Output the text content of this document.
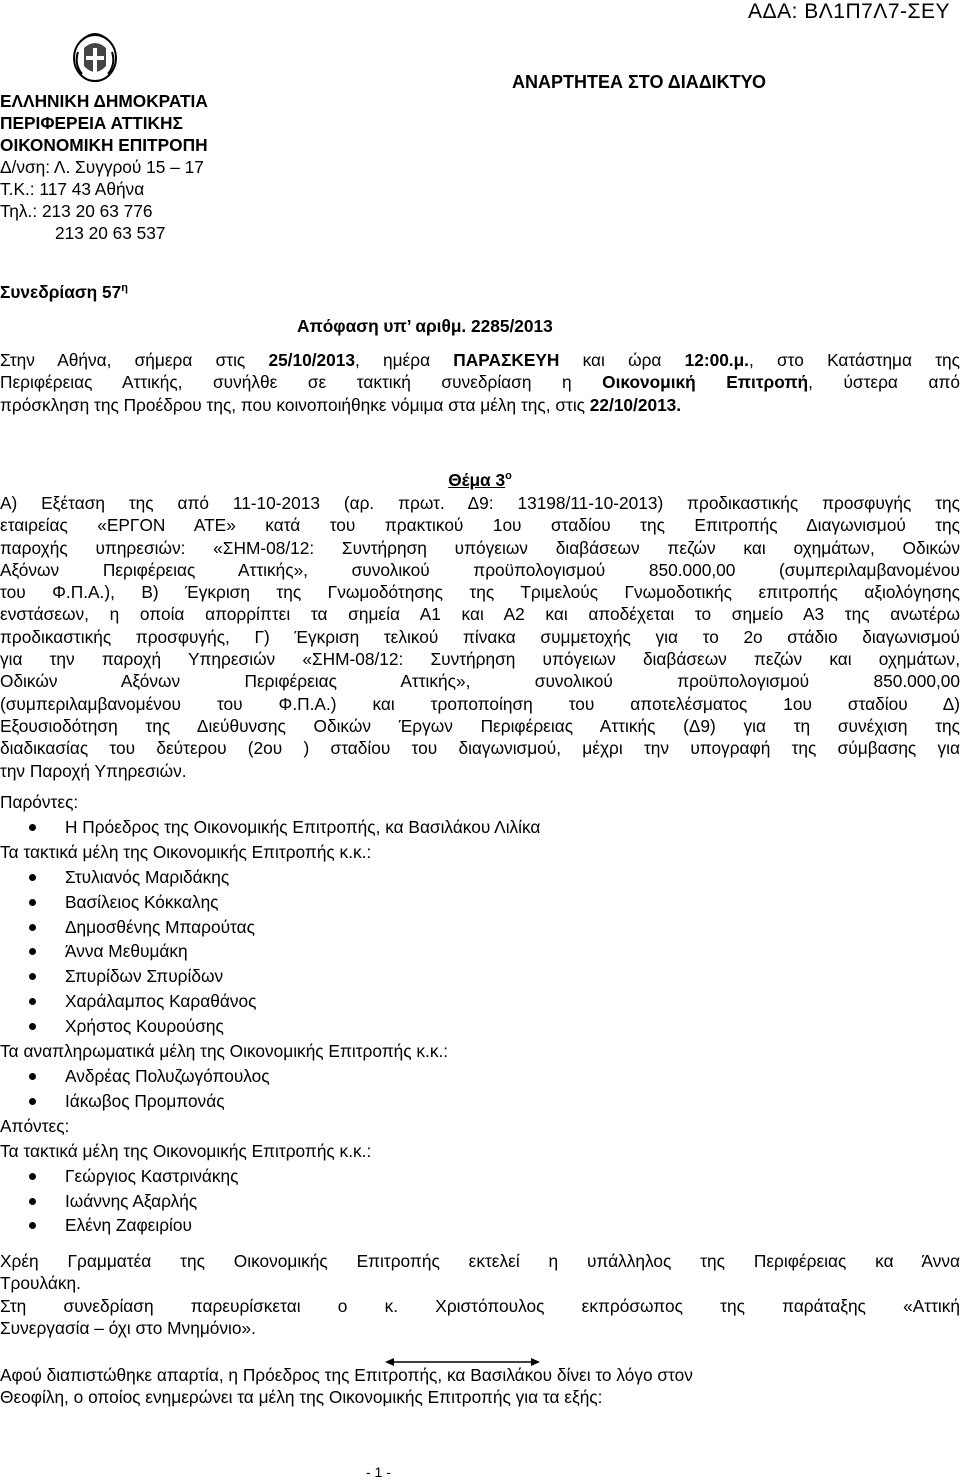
ΑΔΑ: ΒΛ1Π7Λ7-ΣΕΥ
ΑΝΑΡΤΗΤΕΑ ΣΤΟ ΔΙΑΔΙΚΤΥΟ
ΕΛΛΗΝΙΚΗ ΔΗΜΟΚΡΑΤΙΑ
ΠΕΡΙΦΕΡΕΙΑ ΑΤΤΙΚΗΣ
ΟΙΚΟΝΟΜΙΚΗ ΕΠΙΤΡΟΠΗ
Δ/νση: Λ. Συγγρού 15 – 17
Τ.Κ.: 117 43 Αθήνα
Τηλ.: 213 20 63 776
213 20 63 537
Συνεδρίαση $57^\eta$
Απόφαση υπ’ αριθμ. 2285/2013
Στην Αθήνα, σήμερα στις 25/10/2013, ημέρα ΠΑΡΑΣΚΕΥΗ και ώρα 12:00.μ., στο Κατάστημα της
Περιφέρειας Αττικής, συνήλθε σε τακτική συνεδρίαση η Οικονομική Επιτροπή, ύστερα από
πρόσκληση της Προέδρου της, που κοινοποιήθηκε νόμιμα στα μέλη της, στις 22/10/2013.
Θέμα $3^o$
Α) Εξέταση της από 11-10-2013 (αρ. πρωτ. Δ9: 13198/11-10-2013) προδικαστικής προσφυγής της
εταιρείας «ΕΡΓΟΝ ΑΤΕ» κατά του πρακτικού 1ου σταδίου της Επιτροπής Διαγωνισμού της
παροχής υπηρεσιών: «ΣΗΜ-08/12: Συντήρηση υπόγειων διαβάσεων πεζών και οχημάτων, Οδικών
Αξόνων Περιφέρειας Αττικής», συνολικού προϋπολογισμού 850.000,00 (συμπεριλαμβανομένου
του Φ.Π.Α.), Β) Έγκριση της Γνωμοδότησης της Τριμελούς Γνωμοδοτικής επιτροπής αξιολόγησης
ενστάσεων, η οποία απορρίπτει τα σημεία Α1 και Α2 και αποδέχεται το σημείο Α3 της ανωτέρω
προδικαστικής προσφυγής, Γ) Έγκριση τελικού πίνακα συμμετοχής για το 2ο στάδιο διαγωνισμού
για την παροχή Υπηρεσιών «ΣΗΜ-08/12: Συντήρηση υπόγειων διαβάσεων πεζών και οχημάτων,
Οδικών Αξόνων Περιφέρειας Αττικής», συνολικού προϋπολογισμού 850.000,00
(συμπεριλαμβανομένου του Φ.Π.Α.) και τροποποίηση του αποτελέσματος 1ου σταδίου Δ)
Εξουσιοδότηση της Διεύθυνσης Οδικών Έργων Περιφέρειας Αττικής (Δ9) για τη συνέχιση της
διαδικασίας του δεύτερου (2ου ) σταδίου του διαγωνισμού, μέχρι την υπογραφή της σύμβασης για
την Παροχή Υπηρεσιών.
Παρόντες:
Η Πρόεδρος της Οικονομικής Επιτροπής, κα Βασιλάκου Λιλίκα
Τα τακτικά μέλη της Οικονομικής Επιτροπής κ.κ.:
Στυλιανός Μαριδάκης
Βασίλειος Κόκκαλης
Δημοσθένης Μπαρούτας
Άννα Μεθυμάκη
Σπυρίδων Σπυρίδων
Χαράλαμπος Καραθάνος
Χρήστος Κουρούσης
Τα αναπληρωματικά μέλη της Οικονομικής Επιτροπής κ.κ.:
Ανδρέας Πολυζωγόπουλος
Ιάκωβος Προμπονάς
Απόντες:
Τα τακτικά μέλη της Οικονομικής Επιτροπής κ.κ.:
Γεώργιος Καστρινάκης
Ιωάννης Αξαρλής
Ελένη Ζαφειρίου
Χρέη Γραμματέα της Οικονομικής Επιτροπής εκτελεί η υπάλληλος της Περιφέρειας κα Άννα
Τρουλάκη.
Στη συνεδρίαση παρευρίσκεται ο κ. Χριστόπουλος εκπρόσωπος της παράταξης «Αττική
Συνεργασία – όχι στο Μνημόνιο».
Αφού διαπιστώθηκε απαρτία, η Πρόεδρος της Επιτροπής, κα Βασιλάκου δίνει το λόγο στον
Θεοφίλη, ο οποίος ενημερώνει τα μέλη της Οικονομικής Επιτροπής για τα εξής:
- 1 -
